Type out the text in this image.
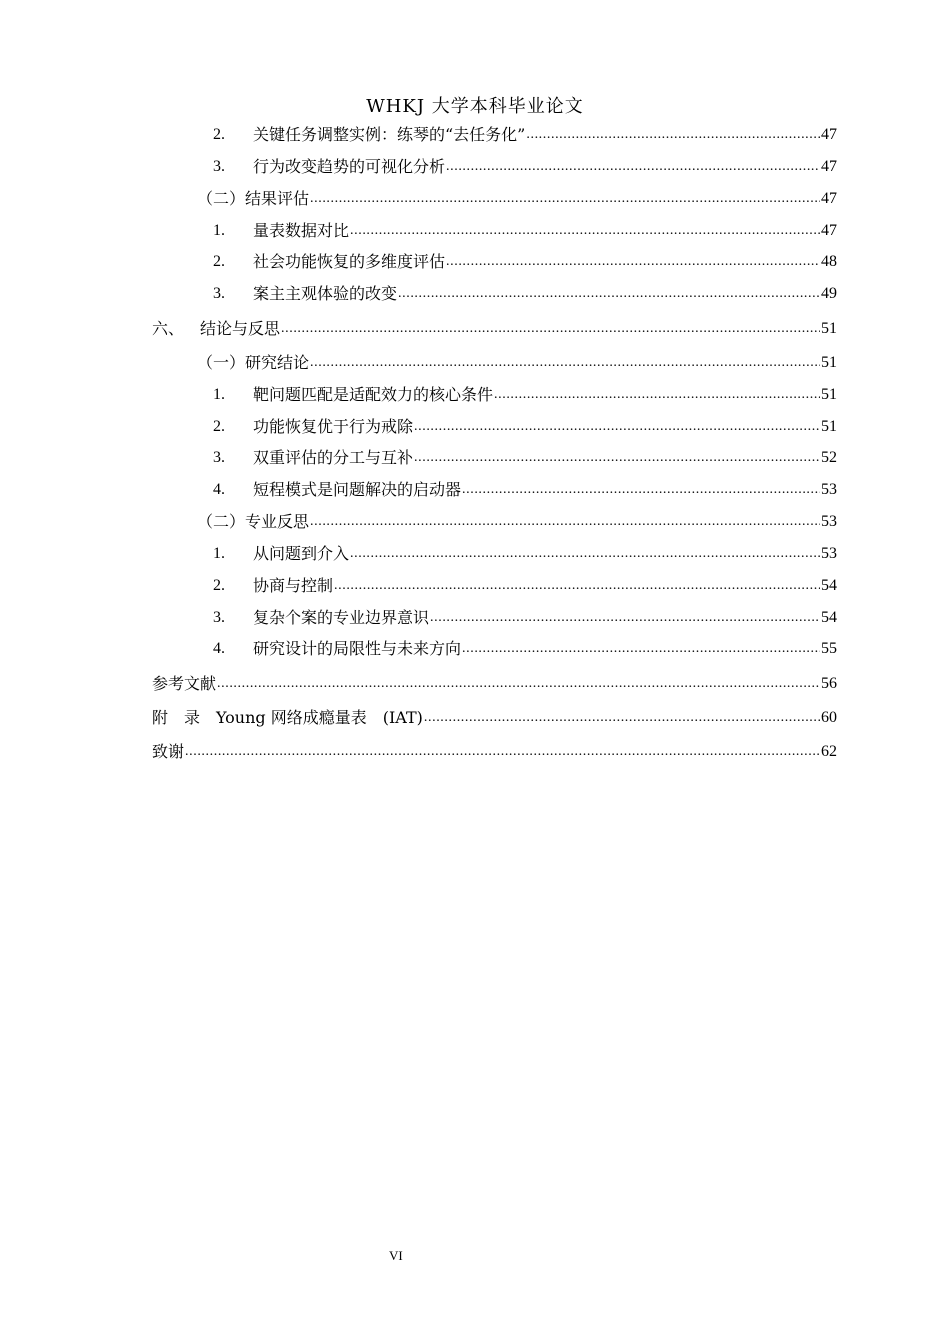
WHKJ 大学本科毕业论文
2.	关键任务调整实例：练琴的“去任务化” .....	47
3.	行为改变趋势的可视化分析 .....	47
（二）结果评估 .....	47
1.	量表数据对比 .....	47
2.	社会功能恢复的多维度评估 .....	48
3.	案主主观体验的改变 .....	49
六、 结论与反思 .....	51
（一）研究结论 .....	51
1.	靶问题匹配是适配效力的核心条件 .....	51
2.	功能恢复优于行为戒除 .....	51
3.	双重评估的分工与互补 .....	52
4.	短程模式是问题解决的启动器 .....	53
（二）专业反思 .....	53
1.	从问题到介入 .....	53
2.	协商与控制 .....	54
3.	复杂个案的专业边界意识 .....	54
4.	研究设计的局限性与未来方向 .....	55
参考文献 .....	56
附　录　Young 网络成瘾量表　(IAT) .....	60
致谢 .....	62
VI
